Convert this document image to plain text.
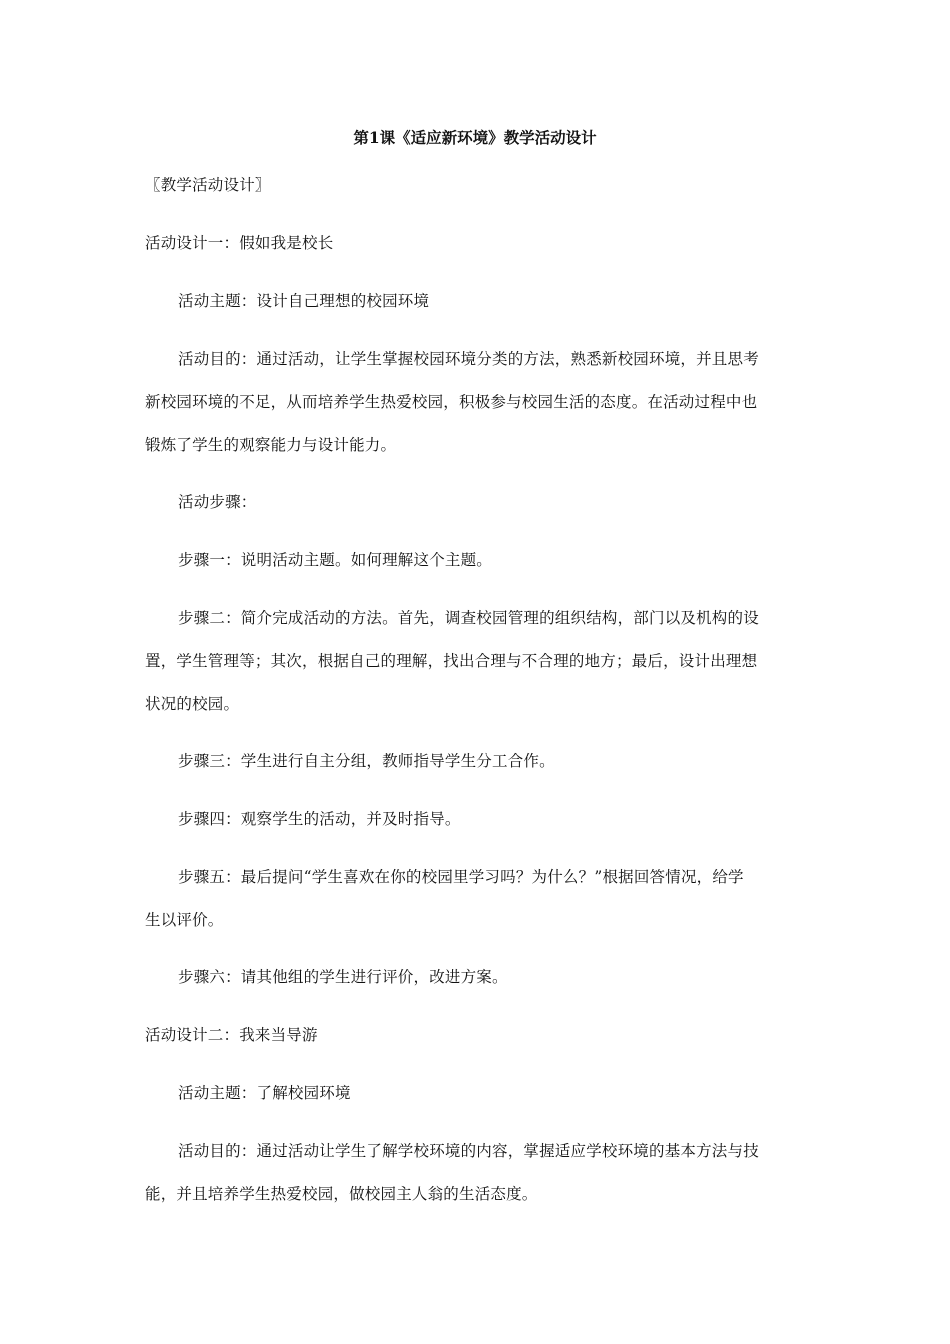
第1课《适应新环境》教学活动设计
〖教学活动设计〗
活动设计一：假如我是校长
活动主题：设计自己理想的校园环境
活动目的：通过活动，让学生掌握校园环境分类的方法，熟悉新校园环境，并且思考
新校园环境的不足，从而培养学生热爱校园，积极参与校园生活的态度。在活动过程中也
锻炼了学生的观察能力与设计能力。
活动步骤：
步骤一：说明活动主题。如何理解这个主题。
步骤二：简介完成活动的方法。首先，调查校园管理的组织结构，部门以及机构的设
置，学生管理等；其次，根据自己的理解，找出合理与不合理的地方；最后，设计出理想
状况的校园。
步骤三：学生进行自主分组，教师指导学生分工合作。
步骤四：观察学生的活动，并及时指导。
步骤五：最后提问“学生喜欢在你的校园里学习吗？为什么？”根据回答情况，给学
生以评价。
步骤六：请其他组的学生进行评价，改进方案。
活动设计二：我来当导游
活动主题：了解校园环境
活动目的：通过活动让学生了解学校环境的内容，掌握适应学校环境的基本方法与技
能，并且培养学生热爱校园，做校园主人翁的生活态度。
